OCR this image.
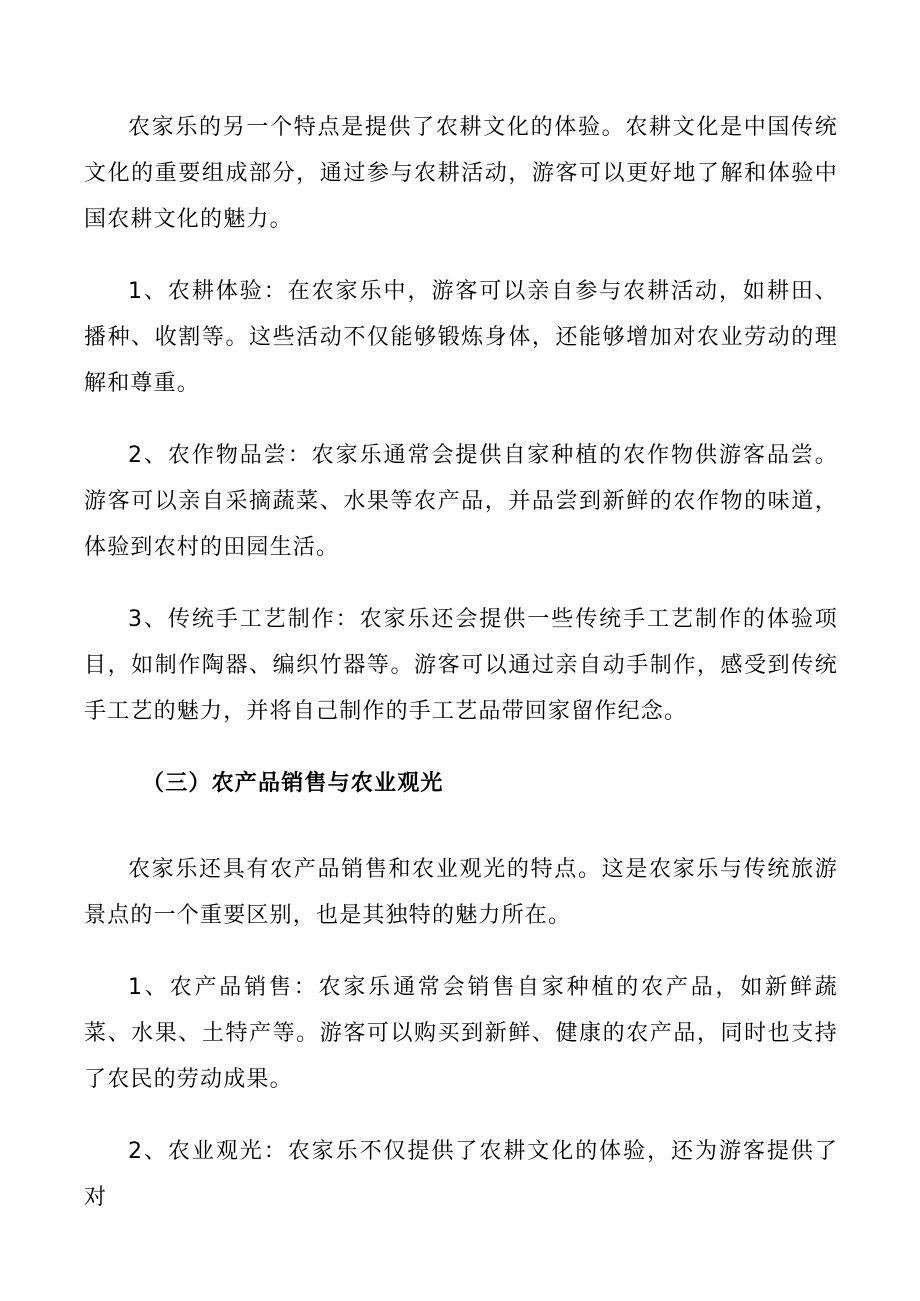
农家乐的另一个特点是提供了农耕文化的体验。农耕文化是中国传统文化的重要组成部分，通过参与农耕活动，游客可以更好地了解和体验中国农耕文化的魅力。

1、农耕体验：在农家乐中，游客可以亲自参与农耕活动，如耕田、播种、收割等。这些活动不仅能够锻炼身体，还能够增加对农业劳动的理解和尊重。

2、农作物品尝：农家乐通常会提供自家种植的农作物供游客品尝。游客可以亲自采摘蔬菜、水果等农产品，并品尝到新鲜的农作物的味道，体验到农村的田园生活。

3、传统手工艺制作：农家乐还会提供一些传统手工艺制作的体验项目，如制作陶器、编织竹器等。游客可以通过亲自动手制作，感受到传统手工艺的魅力，并将自己制作的手工艺品带回家留作纪念。

（三）农产品销售与农业观光

农家乐还具有农产品销售和农业观光的特点。这是农家乐与传统旅游景点的一个重要区别，也是其独特的魅力所在。

1、农产品销售：农家乐通常会销售自家种植的农产品，如新鲜蔬菜、水果、土特产等。游客可以购买到新鲜、健康的农产品，同时也支持了农民的劳动成果。

2、农业观光：农家乐不仅提供了农耕文化的体验，还为游客提供了对
